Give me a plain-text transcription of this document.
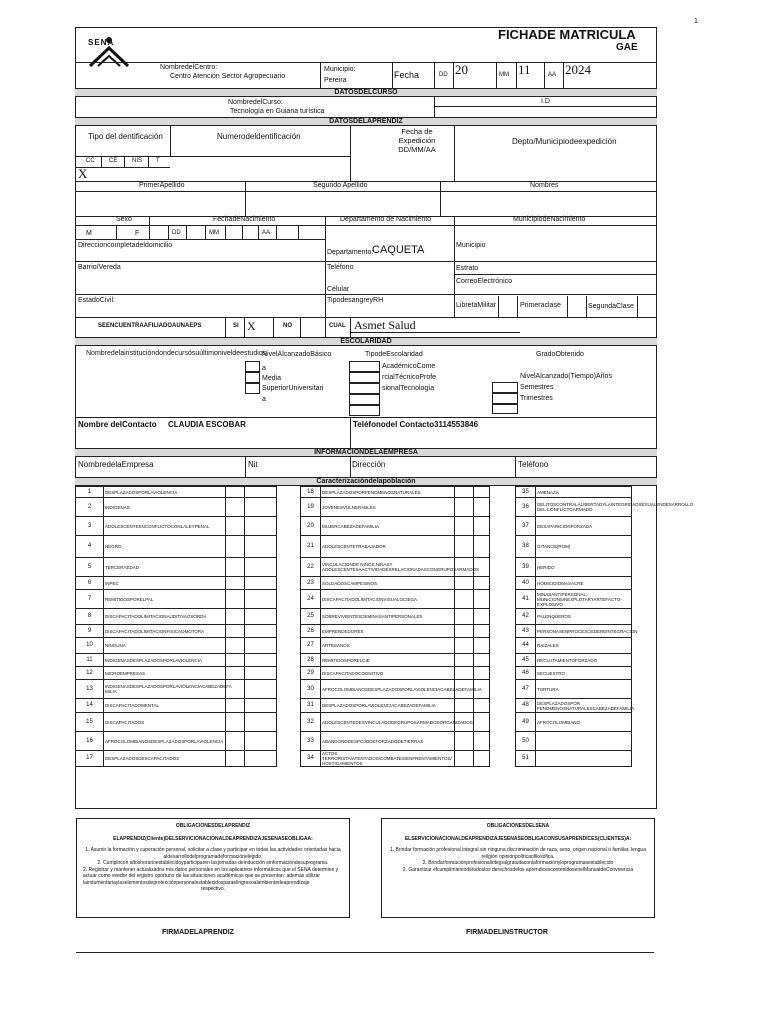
1
SENA
FICHADE MATRICULA
GAE
NombredelCentro:
Centro Atención Sector Agropecuario
Municipio:
Pereira
Fecha	DD 20	MM 11	AA 2024
DATOSDELCURSO
NombredelCurso:
Tecnología en Guiana turística
I.D
DATOSDELAPRENDIZ
Tipo del dentificación	Numerodeldentificación
Fecha de Expedición DD/MM/AA
Depto/Municipiodeexpedición
CC CE NIS T
X
PrimerApellido	Segundo Apellido	Nombres
Sexo	FechadeNacimiento	Departamento de Nacimiento	MunicipiodeNacimiento
M	F	DD	MM	AA
Direccioncompletadeldomicilio
Departamento:
CAQUETA	Municipio
Barrio/Vereda	Teléfono	Estrato
CorreoElectrónico
Célular
EstadoCivil:	TipodesangreyRH
LibretaMilitar	Primeraclase	SegundaClase
SEENCUENTRAAFILIADOAUNAEPS	SI X	NO	CUAL Asmet Salud
ESCOLARIDAD
Nombredelainstitucióndondecursósuúltimoniveldeestudios
NivelAlcanzadoBásico
a
Media
SuperiorUniversitari
a
TipodeEscolaridad
AcadémicoCome
rcialTécnicoProfe
sionalTecnología
GradoObtenido
NivelAlcanzado(Tiempo)Años
Semestres
Trimestres
Nombre delContacto CLAUDIA ESCOBAR	Teléfonodel Contacto 3114553846
INFORMACIONDELAEMPRESA
NombredelaEmpresa	Nit	Dirección	Teléfono
Caracterizacióndelapoblación
1	DESPLAZADOSPORLAVIOLENCIA				18	DESPLAZADOSPORFENOMENOSNATURALES				35	AMENAZA	
2	INDIGENAS				19	JOVENESVULNERABLES				36	DELITOSCONTRALALIBERTADYLAINTEGRIDADSEXUALENDESARROLLO DEL CONFLICTOARMADO	
3	ADOLESCENTEENCONFLICTOCONLALEYPENAL				20	MUJERCABEZADEFAMILIA				37	DESAPARICIONFORZADA	
4	NEGRO				21	ADOLESCENTETRABAJADOR				38	GITANOS(ROM)	
5	TERCERAEDAD				22	VINCULACIONDE NIÑOS,NIÑASY ADOLESCENTESAACTIVIDADESRELACIONADASCONGRUPOSARMADOS				39	HERIDO	
6	INPEC				23	SOLDADOSCAMPESINOS				40	HOMICIDIOMASACRE	
7	REMITIDOSPORELPAL				24	DISCAPACITADOLIMITACIONVISUALOCIEGA				41	MINASANTIPERSONAL, MUNICIONSINEXPLOTARYARTEFACTO-EXPLOSIVO	
8	DISCAPACITADOLIMITACIONAUDITIVAOSORDA				25	SOBREVIVIENTESDEMINASANTIPERSONALES				42	PALENQUEROS	
9	DISCAPACITADOLIMITACIONFISICAOMOTORA				26	EMPRENDEDORES				43	PERSONASENPROCESOSDEREINTEGRACION	
10	NINGUNA				27	ARTESANOS				44	RAIZALES	
11	INDIGENASDESPLAZADOSPORLAVIOLENCIA				28	REMITIDOSPORELCIE				45	RECLUTAMIENTOFORZADO	
12	MICROEMPRESAS				29	DISCAPACITADOCOGNITIVO				46	SECUESTRO	
13	INDIGENASDESPLAZADOSPORLAVIOLENCIACABEZADEFA MILIA				30	AFROCOLOMBIANOSDESPLAZADOSPORLAVIOLENCIACABEZADEFAMILIA				47	TORTURA	
14	DISCAPACITADOMENTAL				31	DESPLAZADOSPORLAVIOLENCIACABEZADEFAMILIA				48	DESPLAZADOSPOR FENOMENOSNATURALESCABEZADEFAMILIA	
15	DISCAPACITADOS				32	ADOLESCENTEDESVINCULADODEGRUPOSARMADOSORGANIZADOS				49	AFROCOLOMBIANO	
16	AFROCOLOMBIANOSDESPLAZADOSPORLAVIOLENCIA				33	ABANDONODESPOJODEFORZADODETIERRAS				50		
17	DESPLAZADOSDESCAPACITADOS				34	ACTOS TERRORISTA/ATENTADOS/COMBATES/ENFRENTAMIENTOS/ HOSTIGAMIENTOS				51		

OBLIGACIONESDELAPRENDIZ

ELAPRENDIZ(Cliente)DELSERVICIONACIONALDEAPRENDIZAJESENASEOBLIGAA:

1. Asumir la formación y cuperación personal, solicitar a clase y participar en todas las actividades orientadas hacia aldesarrollodelprogramadeformaciónelegido.

2. Cumplircon altoshorarioestablecidoyparticiparen lasjornadas deinducción einformacióndesuprograma.

2. Registrar y mantener actualizados mis datos personales en los aplicativos informáticos que el SENA determine y actuar como veedor del registro oportuno de las situaciones académicas que se presentan: además utilizar

laindumentariaylaselementosdeprotecciónpersonalestablecidosparaelingresoalambientedeaprendizaje

respectivo.

OBLIGACIONESDELSENA

ELSERVICIONACIONALDEAPRENDIZAJESENASEOBLIGACONSUSAPRENDICES(CLIENTES)A:

1. Brindar formación profesional integral sin ninguna discriminación de raza, sexo, origen nacional o familiar, lengua religión opiniónpolíticaofilosófica.

2. Brindarformaciónprofesionalintegralgratuitaconlaformaciónyloprogramasestablecido

2. Garantizar elcumplimientodetodoslos derechosdelos aprendicescontenidosenelManualdeConvivencia

FIRMADELAPRENDIZ	FIRMADELINSTRUCTOR
